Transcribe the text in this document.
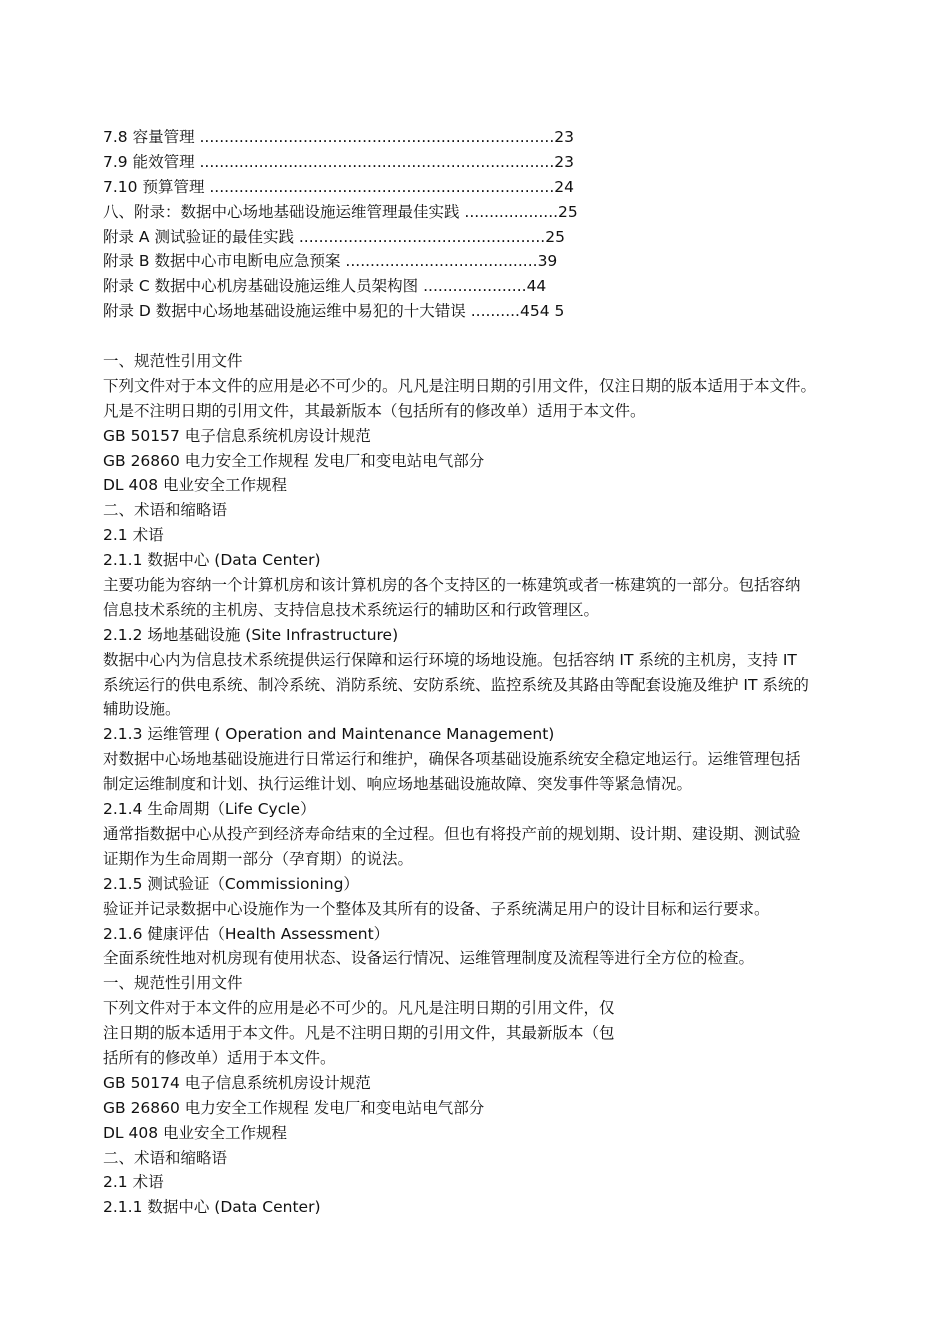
7.8 容量管理 ........................................................................23
7.9 能效管理 ........................................................................23
7.10 预算管理 ......................................................................24
八、附录：数据中心场地基础设施运维管理最佳实践 ...................25
附录 A 测试验证的最佳实践 ..................................................25
附录 B 数据中心市电断电应急预案 .......................................39
附录 C 数据中心机房基础设施运维人员架构图 .....................44
附录 D 数据中心场地基础设施运维中易犯的十大错误 ..........454 5
一、规范性引用文件
下列文件对于本文件的应用是必不可少的。凡凡是注明日期的引用文件，仅注日期的版本适用于本文件。
凡是不注明日期的引用文件，其最新版本（包括所有的修改单）适用于本文件。
GB 50157 电子信息系统机房设计规范
GB 26860 电力安全工作规程 发电厂和变电站电气部分
DL 408 电业安全工作规程
二、术语和缩略语
2.1 术语
2.1.1 数据中心 (Data Center)
主要功能为容纳一个计算机房和该计算机房的各个支持区的一栋建筑或者一栋建筑的一部分。包括容纳
信息技术系统的主机房、支持信息技术系统运行的辅助区和行政管理区。
2.1.2 场地基础设施 (Site Infrastructure)
数据中心内为信息技术系统提供运行保障和运行环境的场地设施。包括容纳 IT 系统的主机房，支持 IT
系统运行的供电系统、制冷系统、消防系统、安防系统、监控系统及其路由等配套设施及维护 IT 系统的
辅助设施。
2.1.3 运维管理 ( Operation and Maintenance Management)
对数据中心场地基础设施进行日常运行和维护，确保各项基础设施系统安全稳定地运行。运维管理包括
制定运维制度和计划、执行运维计划、响应场地基础设施故障、突发事件等紧急情况。
2.1.4 生命周期（Life Cycle）
通常指数据中心从投产到经济寿命结束的全过程。但也有将投产前的规划期、设计期、建设期、测试验
证期作为生命周期一部分（孕育期）的说法。
2.1.5 测试验证（Commissioning）
验证并记录数据中心设施作为一个整体及其所有的设备、子系统满足用户的设计目标和运行要求。
2.1.6 健康评估（Health Assessment）
全面系统性地对机房现有使用状态、设备运行情况、运维管理制度及流程等进行全方位的检查。
一、规范性引用文件
下列文件对于本文件的应用是必不可少的。凡凡是注明日期的引用文件，仅
注日期的版本适用于本文件。凡是不注明日期的引用文件，其最新版本（包
括所有的修改单）适用于本文件。
GB 50174 电子信息系统机房设计规范
GB 26860 电力安全工作规程 发电厂和变电站电气部分
DL 408 电业安全工作规程
二、术语和缩略语
2.1 术语
2.1.1 数据中心 (Data Center)
